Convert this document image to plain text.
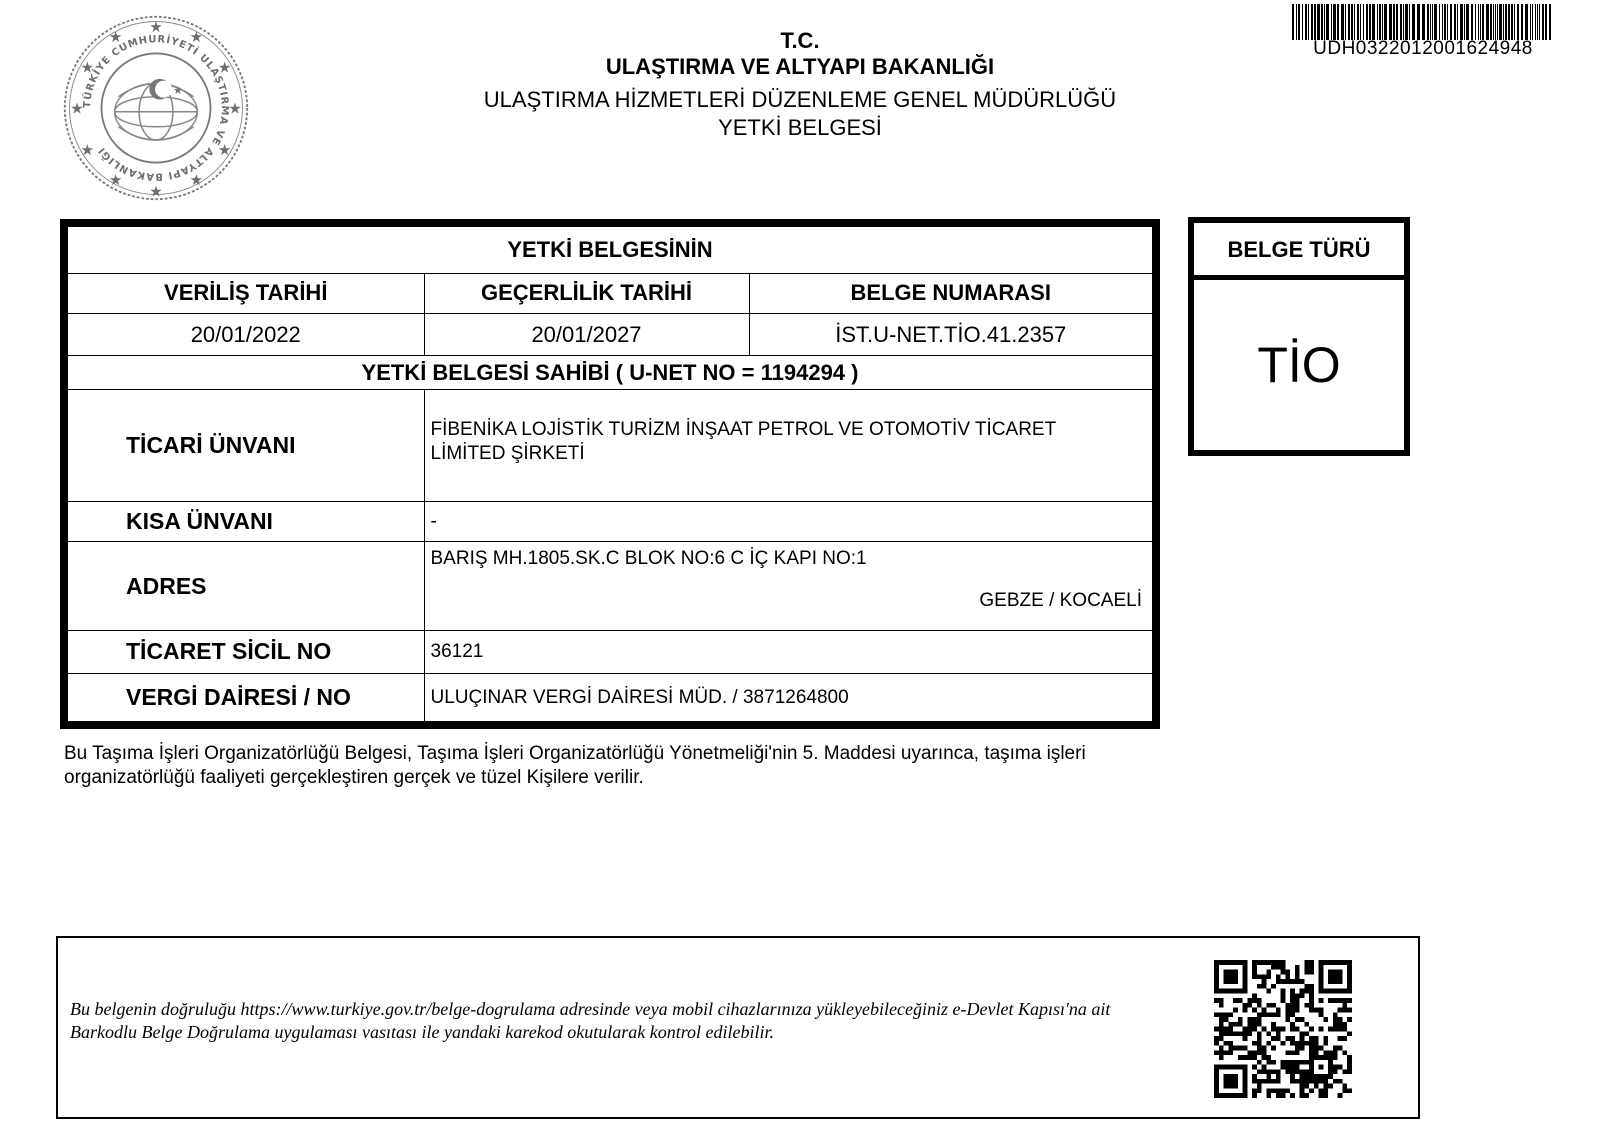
★
★
★
★
★
★
★
★
★
★
★
★
TÜRKİYE CUMHURİYETİ ULAŞTIRMA VE ALTYAPI BAKANLIĞI
★
T.C.
ULAŞTIRMA VE ALTYAPI BAKANLIĞI
ULAŞTIRMA HİZMETLERİ DÜZENLEME GENEL MÜDÜRLÜĞÜ
YETKİ BELGESİ
UDH0322012001624948
YETKİ BELGESİNİN		
VERİLİŞ TARİHİ	GEÇERLİLİK TARİHİ	BELGE NUMARASI
20/01/2022	20/01/2027	İST.U-NET.TİO.41.2357
YETKİ BELGESİ SAHİBİ ( U-NET NO = 1194294 )		
TİCARİ ÜNVANI	FİBENİKA LOJİSTİK TURİZM İNŞAAT PETROL VE OTOMOTİV TİCARET LİMİTED ŞİRKETİ	

KISA ÜNVANI	-	
ADRES	BARIŞ MH.1805.SK.C BLOK NO:6 C İÇ KAPI NO:1
GEBZE / KOCAELİ	

TİCARET SİCİL NO	36121	
VERGİ DAİRESİ / NO	ULUÇINAR VERGİ DAİRESİ MÜD. / 3871264800	
BELGE TÜRÜ
TİO
Bu Taşıma İşleri Organizatörlüğü Belgesi, Taşıma İşleri Organizatörlüğü Yönetmeliği'nin 5. Maddesi uyarınca, taşıma işleri organizatörlüğü faaliyeti gerçekleştiren gerçek ve tüzel Kişilere verilir.
Bu belgenin doğruluğu https://www.turkiye.gov.tr/belge-dogrulama adresinde veya mobil cihazlarınıza yükleyebileceğiniz e-Devlet Kapısı'na ait Barkodlu Belge Doğrulama uygulaması vasıtası ile yandaki karekod okutularak kontrol edilebilir.
